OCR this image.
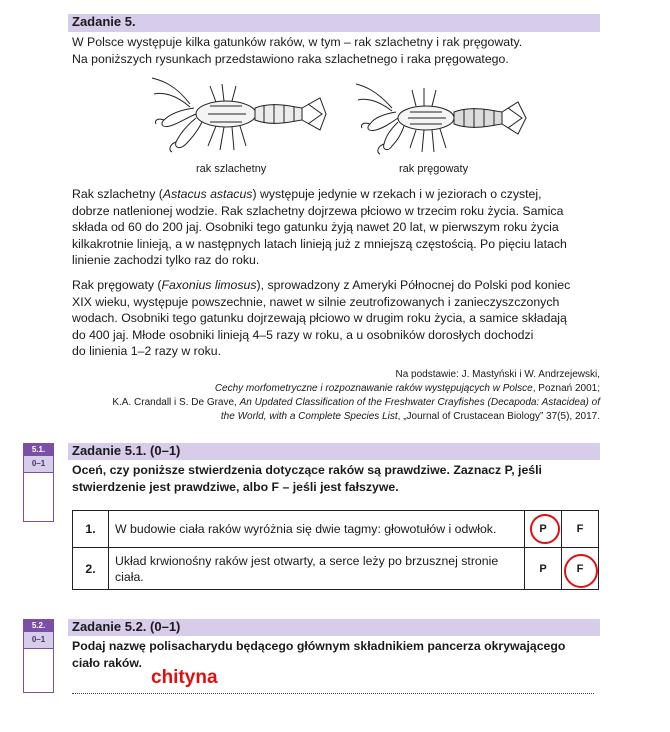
Zadanie 5.
W Polsce występuje kilka gatunków raków, w tym – rak szlachetny i rak pręgowaty.
Na poniższych rysunkach przedstawiono raka szlachetnego i raka pręgowatego.
rak szlachetny	rak pręgowaty
Rak szlachetny (Astacus astacus) występuje jedynie w rzekach i w jeziorach o czystej,
dobrze natlenionej wodzie. Rak szlachetny dojrzewa płciowo w trzecim roku życia. Samica
składa od 60 do 200 jaj. Osobniki tego gatunku żyją nawet 20 lat, w pierwszym roku życia
kilkakrotnie linieją, a w następnych latach linieją już z mniejszą częstością. Po pięciu latach
linienie zachodzi tylko raz do roku.
Rak pręgowaty (Faxonius limosus), sprowadzony z Ameryki Północnej do Polski pod koniec
XIX wieku, występuje powszechnie, nawet w silnie zeutrofizowanych i zanieczyszczonych
wodach. Osobniki tego gatunku dojrzewają płciowo w drugim roku życia, a samice składają
do 400 jaj. Młode osobniki linieją 4–5 razy w roku, a u osobników dorosłych dochodzi
do linienia 1–2 razy w roku.
Na podstawie: J. Mastyński i W. Andrzejewski,
Cechy morfometryczne i rozpoznawanie raków występujących w Polsce, Poznań 2001;
K.A. Crandall i S. De Grave, An Updated Classification of the Freshwater Crayfishes (Decapoda: Astacidea) of
the World, with a Complete Species List, „Journal of Crustacean Biology” 37(5), 2017.
5.1.
0–1
Zadanie 5.1. (0–1)
Oceń, czy poniższe stwierdzenia dotyczące raków są prawdziwe. Zaznacz P, jeśli
stwierdzenie jest prawdziwe, albo F – jeśli jest fałszywe.
1.	W budowie ciała raków wyróżnia się dwie tagmy: głowotułów i odwłok.	P	F
2.	Układ krwionośny raków jest otwarty, a serce leży po brzusznej stronie
ciała.	P	F
5.2.
0–1
Zadanie 5.2. (0–1)
Podaj nazwę polisacharydu będącego głównym składnikiem pancerza okrywającego
ciało raków.
chityna
